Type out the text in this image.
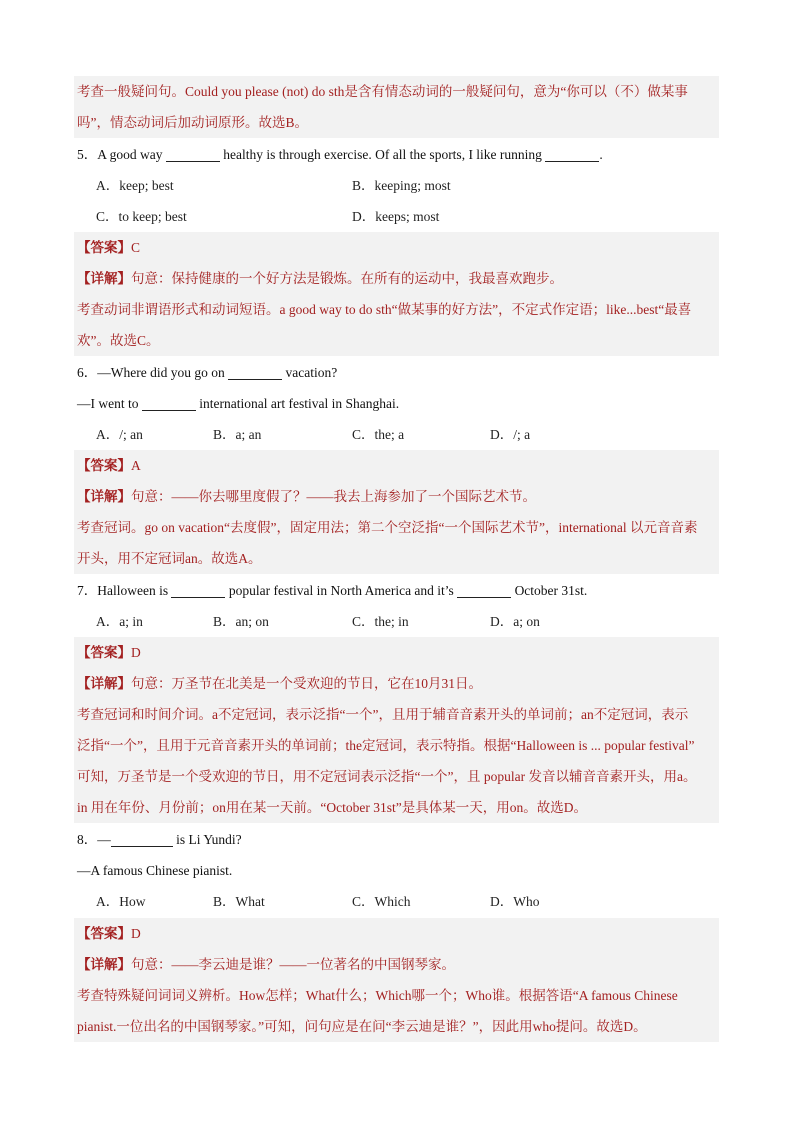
考查一般疑问句。Could you please (not) do sth是含有情态动词的一般疑问句，意为“你可以（不）做某事
吗”，情态动词后加动词原形。故选B。
5．A good way	healthy is through exercise. Of all the sports, I like running	.
A．keep; best	B．keeping; most
C．to keep; best	D．keeps; most
【答案】C
【详解】句意：保持健康的一个好方法是锻炼。在所有的运动中，我最喜欢跑步。
考查动词非谓语形式和动词短语。a good way to do sth“做某事的好方法”，不定式作定语；like...best“最喜
欢”。故选C。
6．—Where did you go on	vacation?
—I went to	international art festival in Shanghai.
A．/; an	B．a; an	C．the; a	D．/; a
【答案】A
【详解】句意：——你去哪里度假了？——我去上海参加了一个国际艺术节。
考查冠词。go on vacation“去度假”，固定用法；第二个空泛指“一个国际艺术节”，international 以元音音素
开头，用不定冠词an。故选A。
7．Halloween is	popular festival in North America and it’s	October 31st.
A．a; in	B．an; on	C．the; in	D．a; on
【答案】D
【详解】句意：万圣节在北美是一个受欢迎的节日，它在10月31日。
考查冠词和时间介词。a不定冠词，表示泛指“一个”，且用于辅音音素开头的单词前；an不定冠词，表示
泛指“一个”，且用于元音音素开头的单词前；the定冠词，表示特指。根据“Halloween is ... popular festival”
可知，万圣节是一个受欢迎的节日，用不定冠词表示泛指“一个”，且 popular 发音以辅音音素开头，用a。
in 用在年份、月份前；on用在某一天前。“October 31st”是具体某一天，用on。故选D。
8．—	is Li Yundi?
—A famous Chinese pianist.
A．How	B．What	C．Which	D．Who
【答案】D
【详解】句意：——李云迪是谁？——一位著名的中国钢琴家。
考查特殊疑问词词义辨析。How怎样；What什么；Which哪一个；Who谁。根据答语“A famous Chinese
pianist.一位出名的中国钢琴家。”可知，问句应是在问“李云迪是谁？”，因此用who提问。故选D。
